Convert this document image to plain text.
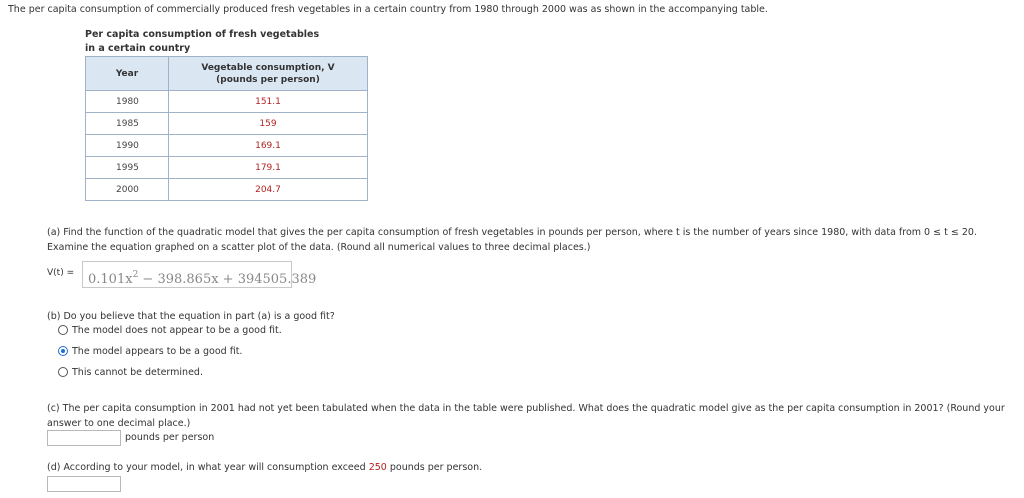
The per capita consumption of commercially produced fresh vegetables in a certain country from 1980 through 2000 was as shown in the accompanying table.
Per capita consumption of fresh vegetables
in a certain country
Year	Vegetable consumption, V
(pounds per person)

1980	151.1
1985	159
1990	169.1
1995	179.1
2000	204.7
(a) Find the function of the quadratic model that gives the per capita consumption of fresh vegetables in pounds per person, where t is the number of years since 1980, with data from 0 ≤ t ≤ 20.
Examine the equation graphed on a scatter plot of the data. (Round all numerical values to three decimal places.)
V(t) =	$0.101x^2 - 398.865x + 394505.389$
(b) Do you believe that the equation in part (a) is a good fit?
The model does not appear to be a good fit.
The model appears to be a good fit.
This cannot be determined.
(c) The per capita consumption in 2001 had not yet been tabulated when the data in the table were published. What does the quadratic model give as the per capita consumption in 2001? (Round your
answer to one decimal place.)
pounds per person
(d) According to your model, in what year will consumption exceed 250 pounds per person.
